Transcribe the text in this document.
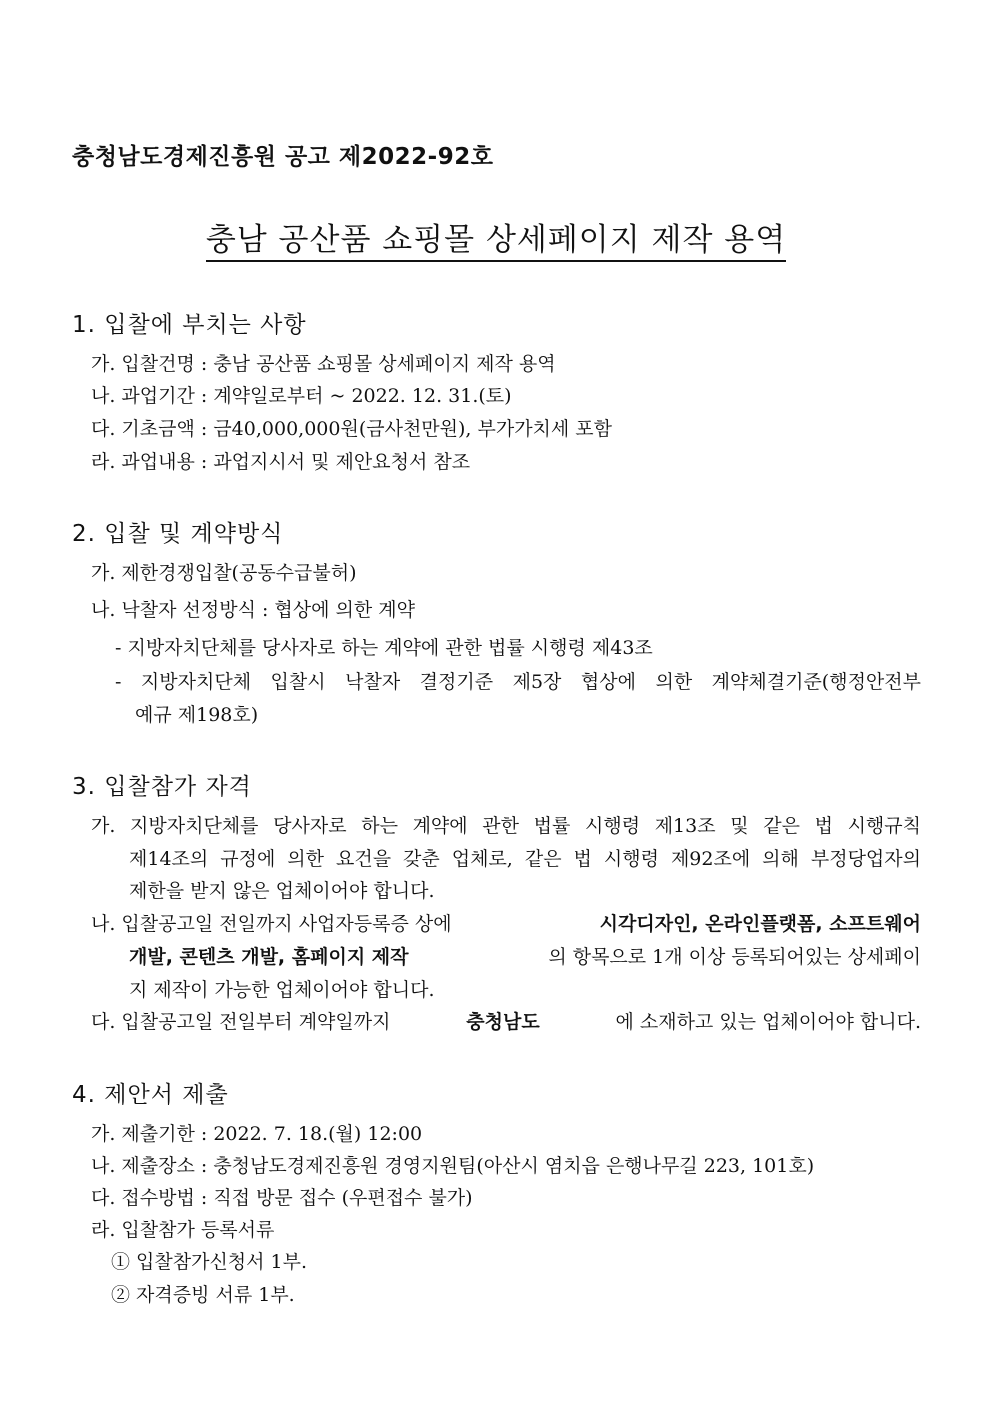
충청남도경제진흥원 공고 제2022-92호
충남 공산품 쇼핑몰 상세페이지 제작 용역
1. 입찰에 부치는 사항
가. 입찰건명 : 충남 공산품 쇼핑몰 상세페이지 제작 용역
나. 과업기간 : 계약일로부터 ~ 2022. 12. 31.(토)
다. 기초금액 : 금40,000,000원(금사천만원), 부가가치세 포함
라. 과업내용 : 과업지시서 및 제안요청서 참조
2. 입찰 및 계약방식
가. 제한경쟁입찰(공동수급불허)
나. 낙찰자 선정방식 : 협상에 의한 계약
- 지방자치단체를 당사자로 하는 계약에 관한 법률 시행령 제43조
- 지방자치단체 입찰시 낙찰자 결정기준 제5장 협상에 의한 계약체결기준(행정안전부
예규 제198호)
3. 입찰참가 자격
가. 지방자치단체를 당사자로 하는 계약에 관한 법률 시행령 제13조 및 같은 법 시행규칙
제14조의 규정에 의한 요건을 갖춘 업체로, 같은 법 시행령 제92조에 의해 부정당업자의
제한을 받지 않은 업체이어야 합니다.
나. 입찰공고일 전일까지 사업자등록증 상에	시각디자인, 온라인플랫폼, 소프트웨어
개발, 콘텐츠 개발, 홈페이지 제작	의 항목으로 1개 이상 등록되어있는 상세페이
지 제작이 가능한 업체이어야 합니다.
다. 입찰공고일 전일부터 계약일까지	충청남도	에 소재하고 있는 업체이어야 합니다.
4. 제안서 제출
가. 제출기한 : 2022. 7. 18.(월) 12:00
나. 제출장소 : 충청남도경제진흥원 경영지원팀(아산시 염치읍 은행나무길 223, 101호)
다. 접수방법 : 직접 방문 접수 (우편접수 불가)
라. 입찰참가 등록서류
① 입찰참가신청서 1부.
② 자격증빙 서류 1부.
